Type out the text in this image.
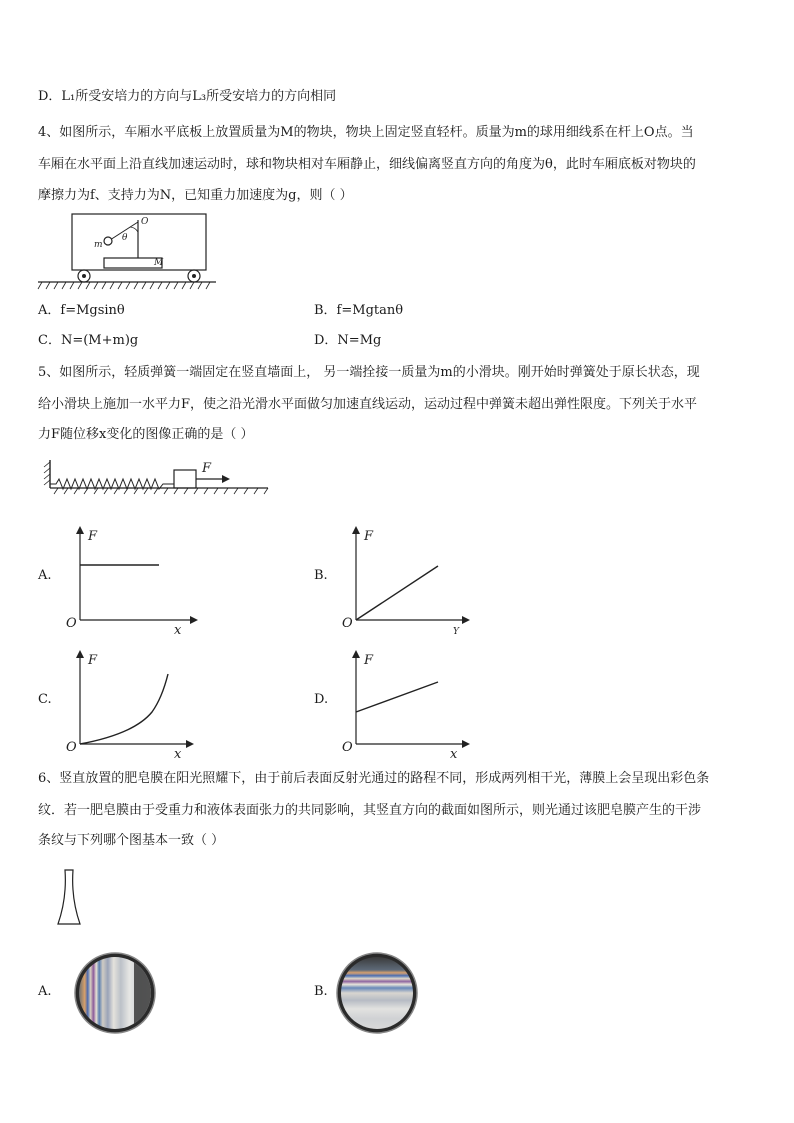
D．L₁所受安培力的方向与L₃所受安培力的方向相同
4、如图所示，车厢水平底板上放置质量为M的物块，物块上固定竖直轻杆。质量为m的球用细线系在杆上O点。当
车厢在水平面上沿直线加速运动时，球和物块相对车厢静止，细线偏离竖直方向的角度为θ，此时车厢底板对物块的
摩擦力为f、支持力为N，已知重力加速度为g，则（ ）
O
θ
m
M
A．f=Mgsinθ	B．f=Mgtanθ
C．N=(M+m)g	D．N=Mg
5、如图所示，轻质弹簧一端固定在竖直墙面上， 另一端拴接一质量为m的小滑块。刚开始时弹簧处于原长状态，现
给小滑块上施加一水平力F，使之沿光滑水平面做匀加速直线运动，运动过程中弹簧未超出弹性限度。下列关于水平
力F随位移x变化的图像正确的是（ ）
F
A.
F
O	x
B.
F
O
Y
C.
F
O	x
D.
F
O	x
6、竖直放置的肥皂膜在阳光照耀下，由于前后表面反射光通过的路程不同，形成两列相干光，薄膜上会呈现出彩色条
纹．若一肥皂膜由于受重力和液体表面张力的共同影响，其竖直方向的截面如图所示，则光通过该肥皂膜产生的干涉
条纹与下列哪个图基本一致（ ）
A.	B.
